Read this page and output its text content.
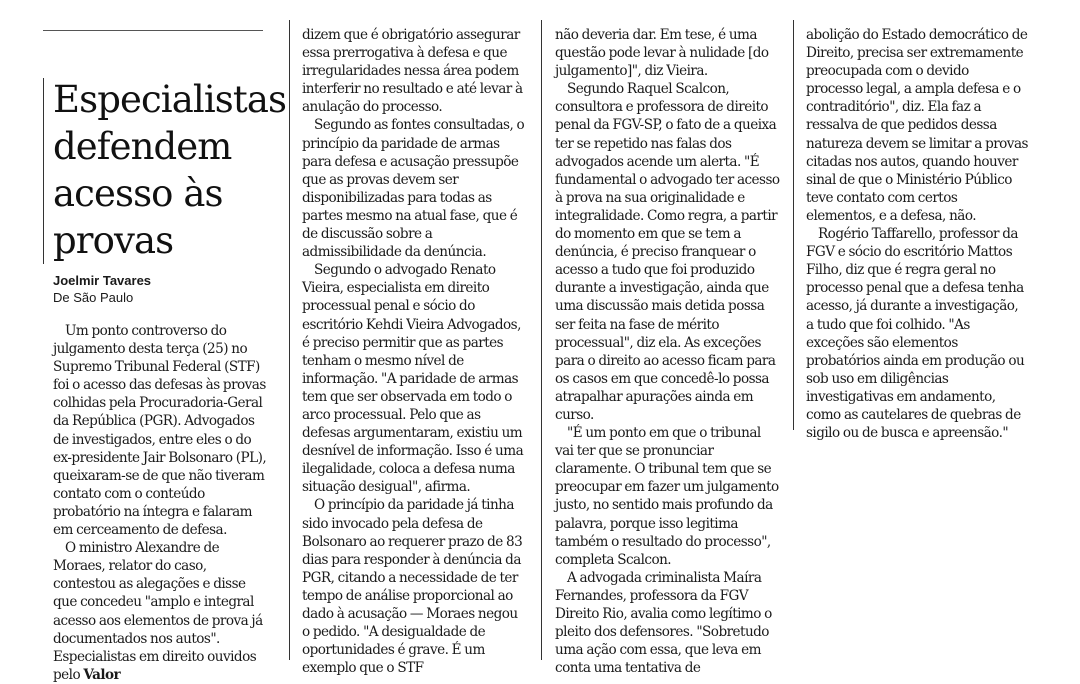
Especialistas defendem acesso às provas
Joelmir Tavares
De São Paulo

Um ponto controverso do julgamento desta terça (25) no Supremo Tribunal Federal (STF) foi o acesso das defesas às provas colhidas pela Procuradoria-Geral da República (PGR). Advogados de investigados, entre eles o do ex-presidente Jair Bolsonaro (PL), queixaram-se de que não tiveram contato com o conteúdo probatório na íntegra e falaram em cerceamento de defesa.

O ministro Alexandre de Moraes, relator do caso, contestou as alegações e disse que concedeu "amplo e integral acesso aos elementos de prova já documentados nos autos". Especialistas em direito ouvidos pelo Valor

dizem que é obrigatório assegurar essa prerrogativa à defesa e que irregularidades nessa área podem interferir no resultado e até levar à anulação do processo.

Segundo as fontes consultadas, o princípio da paridade de armas para defesa e acusação pressupõe que as provas devem ser disponibilizadas para todas as partes mesmo na atual fase, que é de discussão sobre a admissibilidade da denúncia.

Segundo o advogado Renato Vieira, especialista em direito processual penal e sócio do escritório Kehdi Vieira Advogados, é preciso permitir que as partes tenham o mesmo nível de informação. "A paridade de armas tem que ser observada em todo o arco processual. Pelo que as defesas argumentaram, existiu um desnível de informação. Isso é uma ilegalidade, coloca a defesa numa situação desigual", afirma.

O princípio da paridade já tinha sido invocado pela defesa de Bolsonaro ao requerer prazo de 83 dias para responder à denúncia da PGR, citando a necessidade de ter tempo de análise proporcional ao dado à acusação — Moraes negou o pedido. "A desigualdade de oportunidades é grave. É um exemplo que o STF

não deveria dar. Em tese, é uma questão pode levar à nulidade [do julgamento]", diz Vieira.

Segundo Raquel Scalcon, consultora e professora de direito penal da FGV-SP, o fato de a queixa ter se repetido nas falas dos advogados acende um alerta. "É fundamental o advogado ter acesso à prova na sua originalidade e integralidade. Como regra, a partir do momento em que se tem a denúncia, é preciso franquear o acesso a tudo que foi produzido durante a investigação, ainda que uma discussão mais detida possa ser feita na fase de mérito processual", diz ela. As exceções para o direito ao acesso ficam para os casos em que concedê-lo possa atrapalhar apurações ainda em curso.

"É um ponto em que o tribunal vai ter que se pronunciar claramente. O tribunal tem que se preocupar em fazer um julgamento justo, no sentido mais profundo da palavra, porque isso legitima também o resultado do processo", completa Scalcon.

A advogada criminalista Maíra Fernandes, professora da FGV Direito Rio, avalia como legítimo o pleito dos defensores. "Sobretudo uma ação com essa, que leva em conta uma tentativa de

abolição do Estado democrático de Direito, precisa ser extremamente preocupada com o devido processo legal, a ampla defesa e o contraditório", diz. Ela faz a ressalva de que pedidos dessa natureza devem se limitar a provas citadas nos autos, quando houver sinal de que o Ministério Público teve contato com certos elementos, e a defesa, não.

Rogério Taffarello, professor da FGV e sócio do escritório Mattos Filho, diz que é regra geral no processo penal que a defesa tenha acesso, já durante a investigação, a tudo que foi colhido. "As exceções são elementos probatórios ainda em produção ou sob uso em diligências investigativas em andamento, como as cautelares de quebras de sigilo ou de busca e apreensão."
